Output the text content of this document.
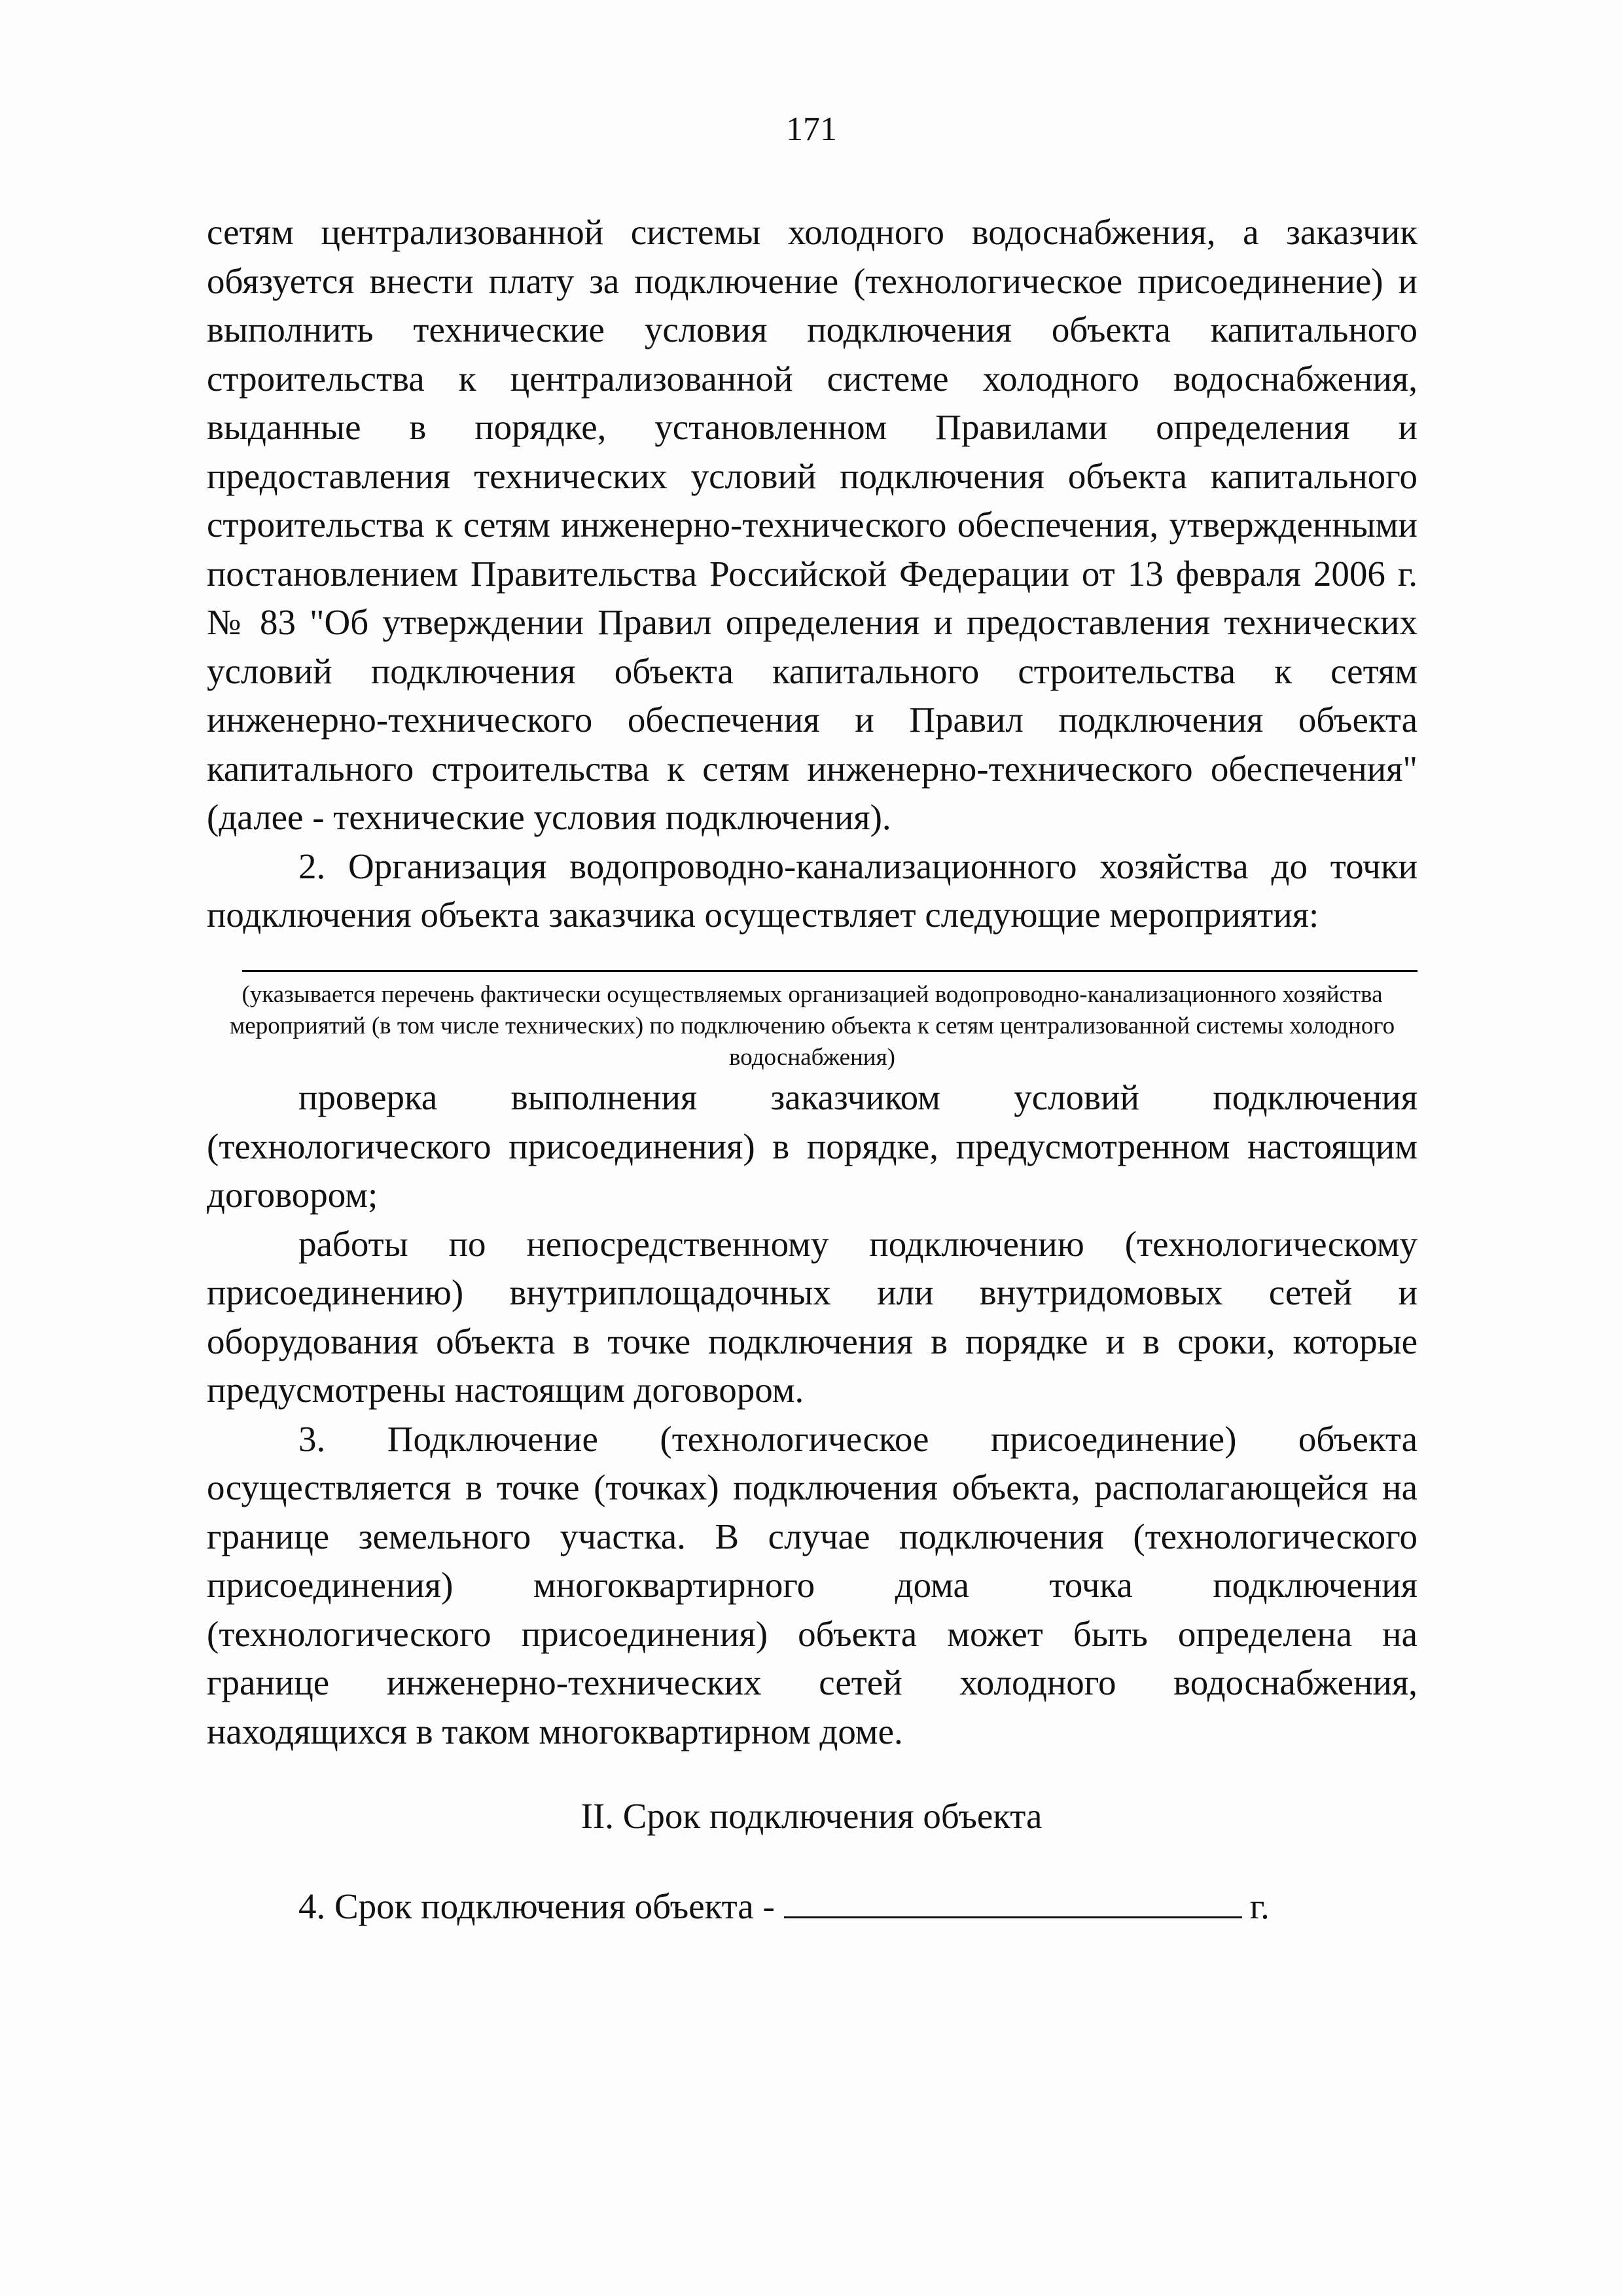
171

сетям централизованной системы холодного водоснабжения, а заказчик обязуется внести плату за подключение (технологическое присоединение) и выполнить технические условия подключения объекта капитального строительства к централизованной системе холодного водоснабжения, выданные в порядке, установленном Правилами определения и предоставления технических условий подключения объекта капитального строительства к сетям инженерно-технического обеспечения, утвержденными постановлением Правительства Российской Федерации от 13 февраля 2006 г. № 83 "Об утверждении Правил определения и предоставления технических условий подключения объекта капитального строительства к сетям инженерно-технического обеспечения и Правил подключения объекта капитального строительства к сетям инженерно-технического обеспечения" (далее - технические условия подключения).

2. Организация водопроводно-канализационного хозяйства до точки подключения объекта заказчика осуществляет следующие мероприятия:

(указывается перечень фактически осуществляемых организацией водопроводно-канализационного хозяйства мероприятий (в том числе технических) по подключению объекта к сетям централизованной системы холодного водоснабжения)

проверка выполнения заказчиком условий подключения (технологического присоединения) в порядке, предусмотренном настоящим договором;

работы по непосредственному подключению (технологическому присоединению) внутриплощадочных или внутридомовых сетей и оборудования объекта в точке подключения в порядке и в сроки, которые предусмотрены настоящим договором.

3. Подключение (технологическое присоединение) объекта осуществляется в точке (точках) подключения объекта, располагающейся на границе земельного участка. В случае подключения (технологического присоединения) многоквартирного дома точка подключения (технологического присоединения) объекта может быть определена на границе инженерно-технических сетей холодного водоснабжения, находящихся в таком многоквартирном доме.

II. Срок подключения объекта
4. Срок подключения объекта -	г.
